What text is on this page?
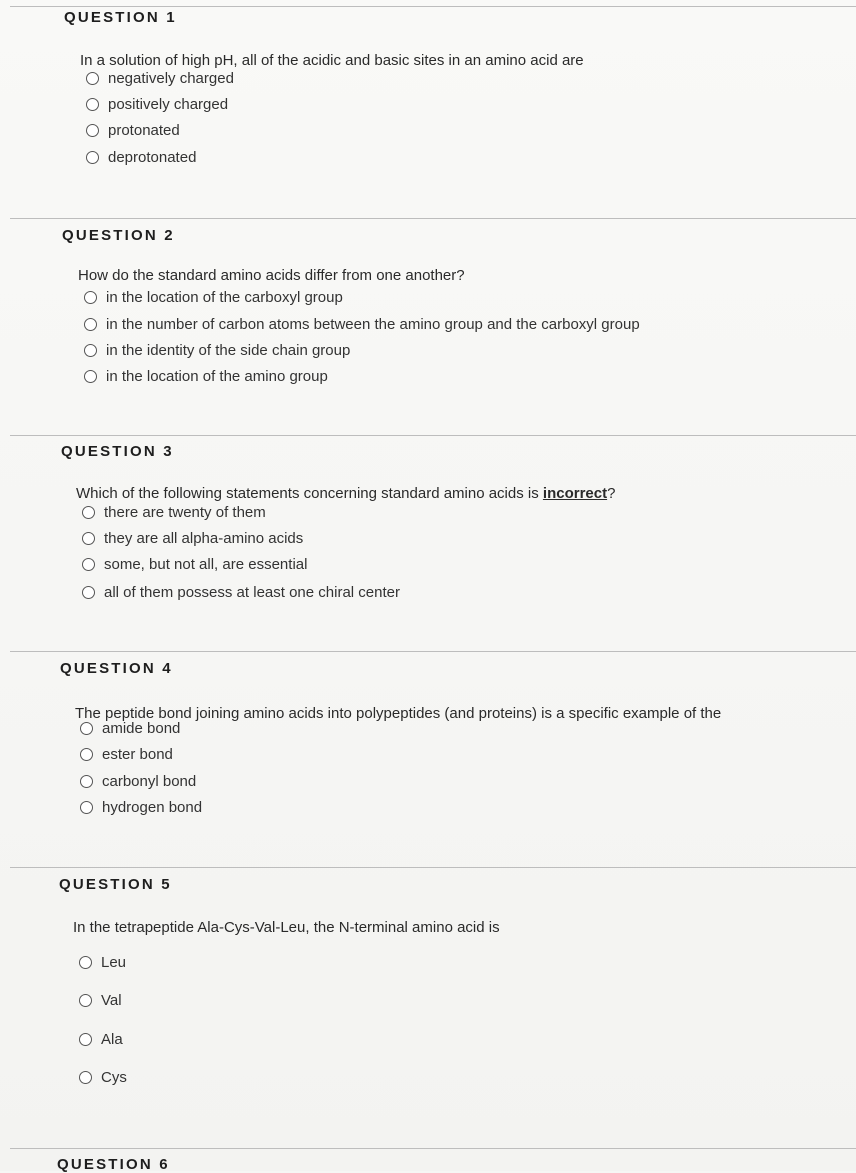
QUESTION 1
In a solution of high pH, all of the acidic and basic sites in an amino acid are
negatively charged
positively charged
protonated
deprotonated
QUESTION 2
How do the standard amino acids differ from one another?
in the location of the carboxyl group
in the number of carbon atoms between the amino group and the carboxyl group
in the identity of the side chain group
in the location of the amino group
QUESTION 3
Which of the following statements concerning standard amino acids is incorrect?
there are twenty of them
they are all alpha-amino acids
some, but not all, are essential
all of them possess at least one chiral center
QUESTION 4
The peptide bond joining amino acids into polypeptides (and proteins) is a specific example of the
amide bond
ester bond
carbonyl bond
hydrogen bond
QUESTION 5
In the tetrapeptide Ala-Cys-Val-Leu, the N-terminal amino acid is
Leu
Val
Ala
Cys
QUESTION 6
